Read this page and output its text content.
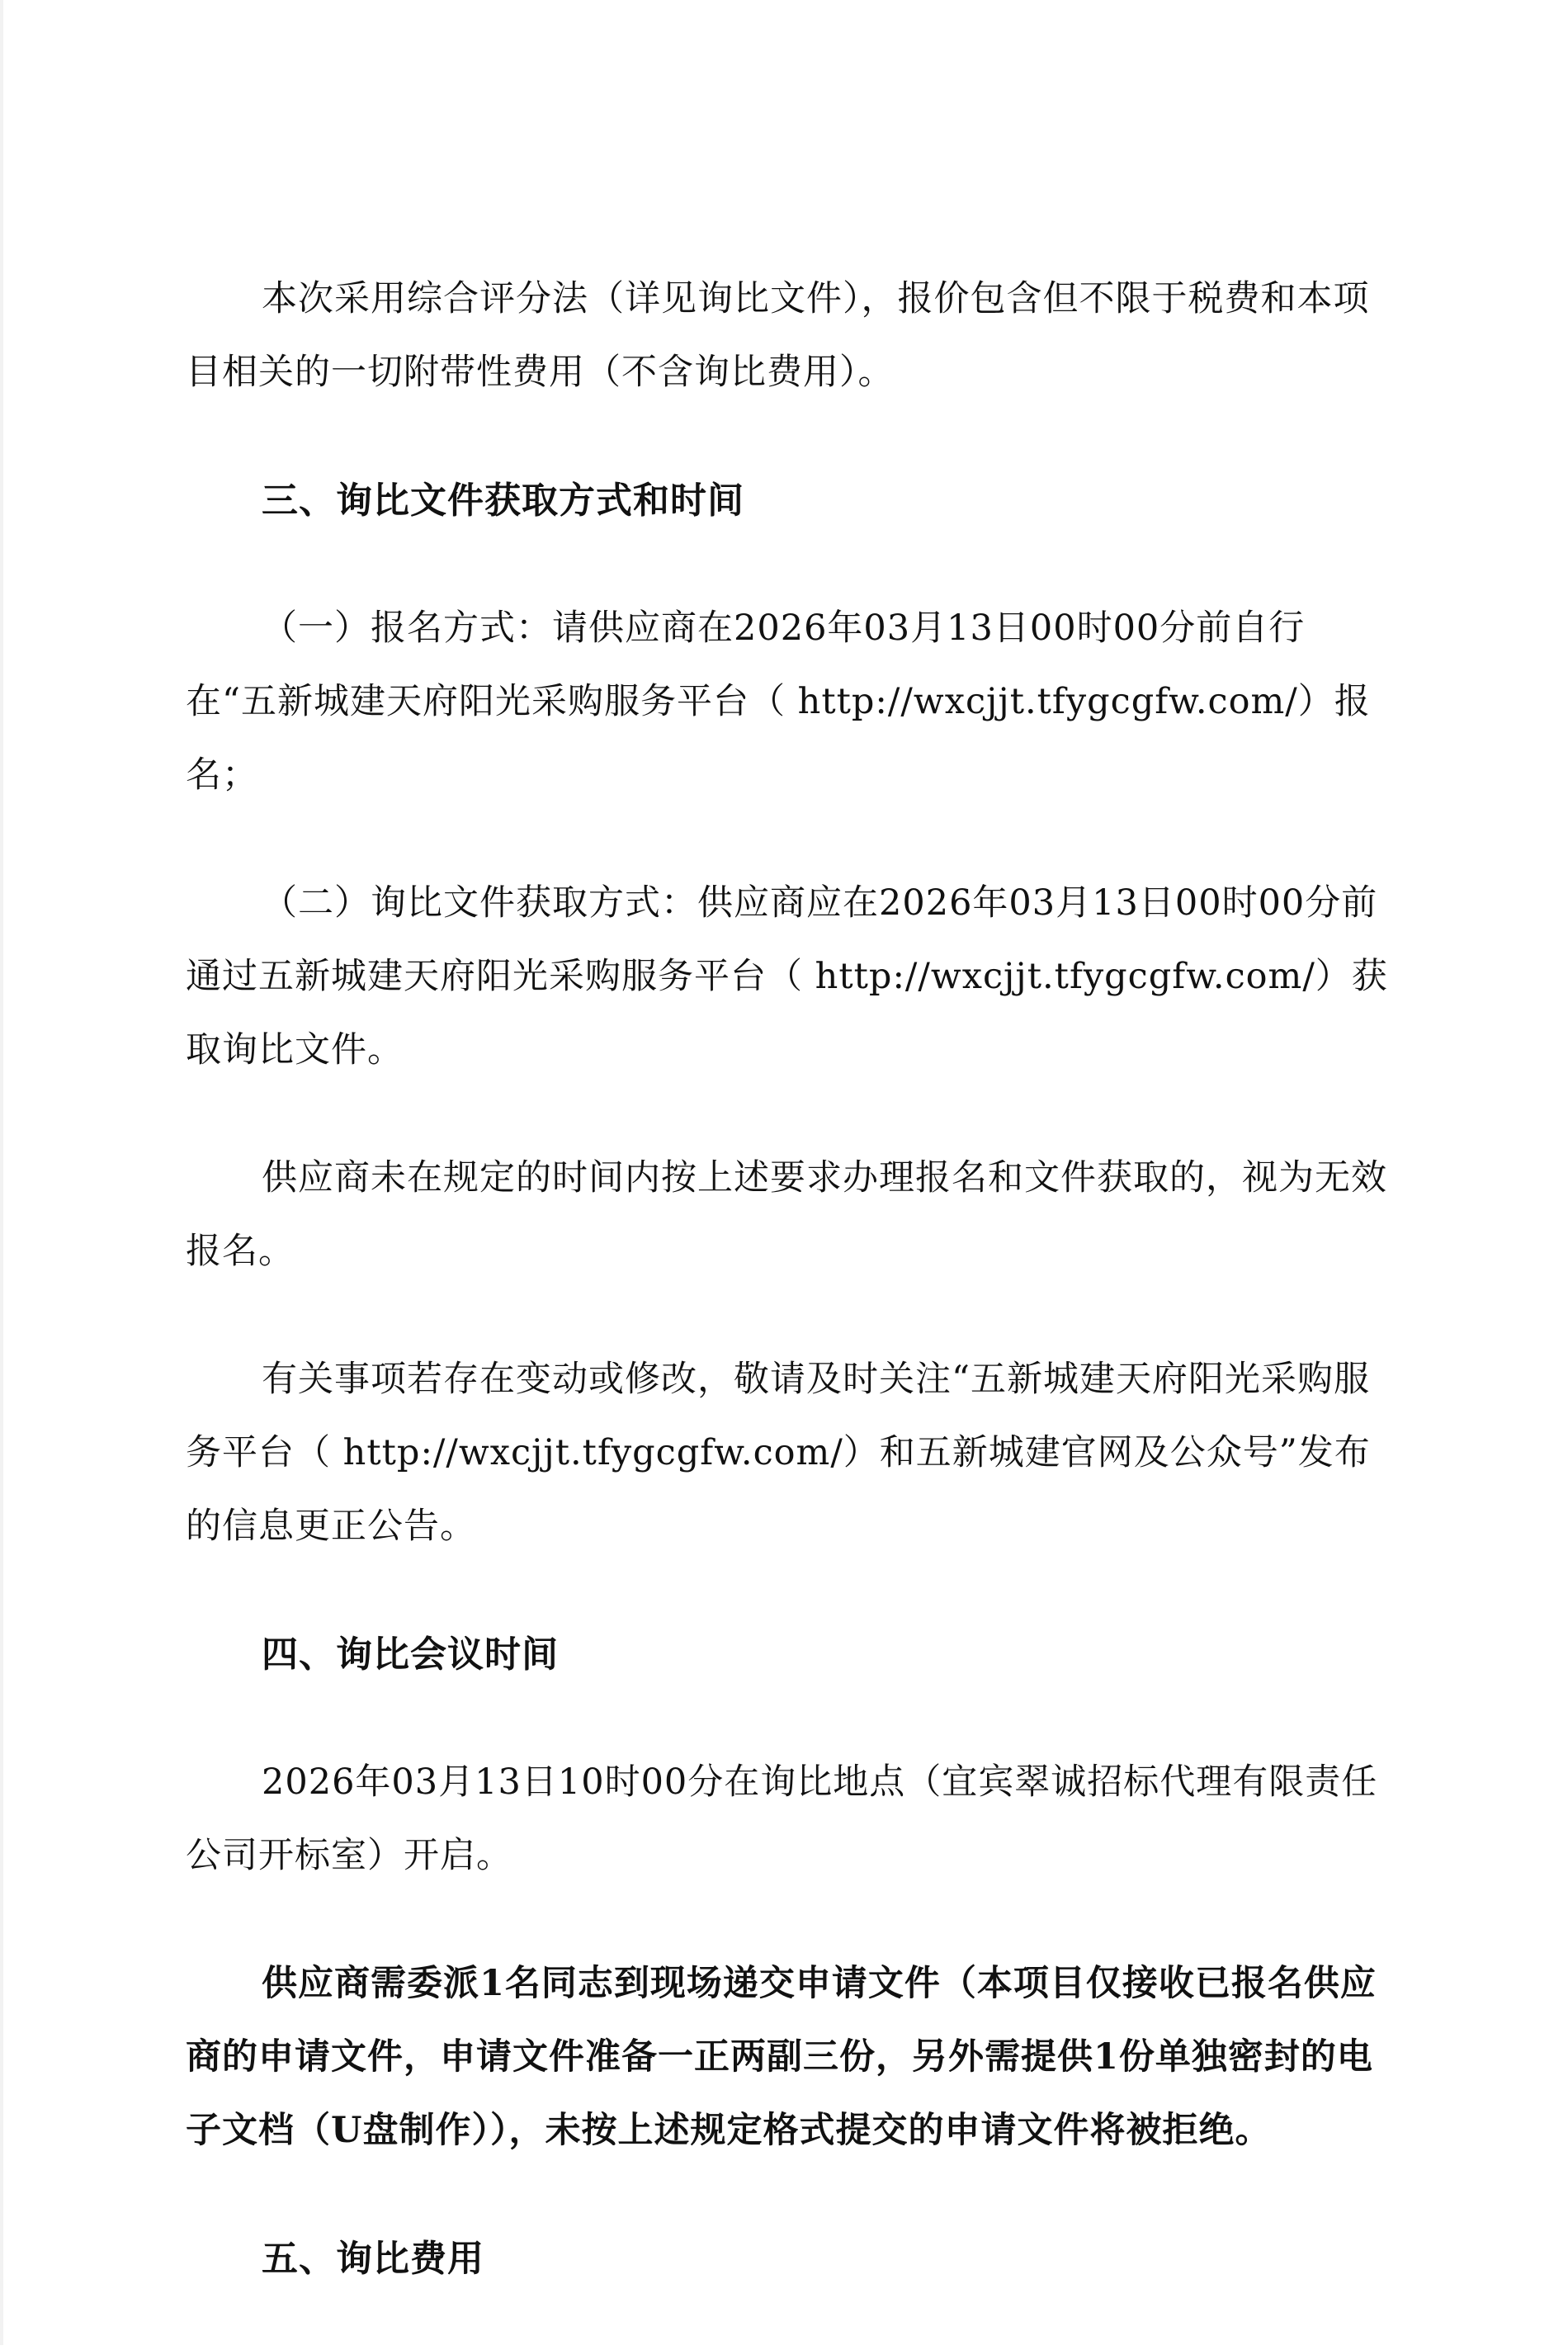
本次采用综合评分法（详见询比文件），报价包含但不限于税费和本项目相关的一切附带性费用（不含询比费用）。

三、询比文件获取方式和时间

（一）报名方式：请供应商在2026年03月13日00时00分前自行在“五新城建天府阳光采购服务平台（ http://wxcjjt.tfygcgfw.com/）报名；

（二）询比文件获取方式：供应商应在2026年03月13日00时00分前通过五新城建天府阳光采购服务平台（ http://wxcjjt.tfygcgfw.com/）获取询比文件。

供应商未在规定的时间内按上述要求办理报名和文件获取的，视为无效报名。

有关事项若存在变动或修改，敬请及时关注“五新城建天府阳光采购服务平台（ http://wxcjjt.tfygcgfw.com/）和五新城建官网及公众号”发布的信息更正公告。

四、询比会议时间

2026年03月13日10时00分在询比地点（宜宾翠诚招标代理有限责任公司开标室）开启。

供应商需委派1名同志到现场递交申请文件（本项目仅接收已报名供应商的申请文件，申请文件准备一正两副三份，另外需提供1份单独密封的电子文档（U盘制作）），未按上述规定格式提交的申请文件将被拒绝。

五、询比费用
